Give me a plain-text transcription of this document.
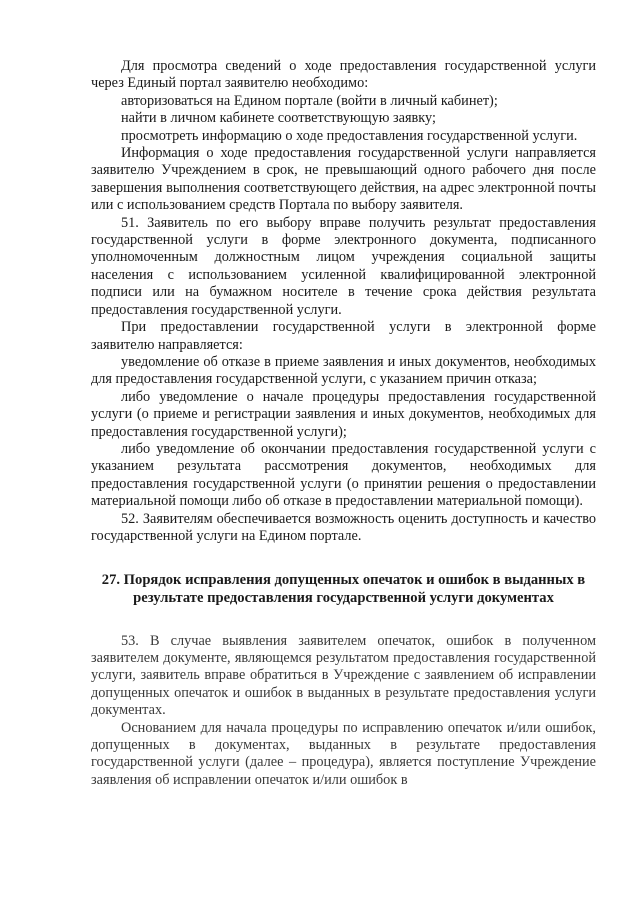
Для просмотра сведений о ходе предоставления государственной услуги через Единый портал заявителю необходимо:

авторизоваться на Едином портале (войти в личный кабинет);

найти в личном кабинете соответствующую заявку;

просмотреть информацию о ходе предоставления государственной услуги.

Информация о ходе предоставления государственной услуги направляется заявителю Учреждением в срок, не превышающий одного рабочего дня после завершения выполнения соответствующего действия, на адрес электронной почты или с использованием средств Портала по выбору заявителя.

51. Заявитель по его выбору вправе получить результат предоставления государственной услуги в форме электронного документа, подписанного уполномоченным должностным лицом учреждения социальной защиты населения с использованием усиленной квалифицированной электронной подписи или на бумажном носителе в течение срока действия результата предоставления государственной услуги.

При предоставлении государственной услуги в электронной форме заявителю направляется:

уведомление об отказе в приеме заявления и иных документов, необходимых для предоставления государственной услуги, с указанием причин отказа;

либо уведомление о начале процедуры предоставления государственной услуги (о приеме и регистрации заявления и иных документов, необходимых для предоставления государственной услуги);

либо уведомление об окончании предоставления государственной услуги с указанием результата рассмотрения документов, необходимых для предоставления государственной услуги (о принятии решения о предоставлении материальной помощи либо об отказе в предоставлении материальной помощи).

52. Заявителям обеспечивается возможность оценить доступность и качество государственной услуги на Едином портале.

27. Порядок исправления допущенных опечаток и ошибок в выданных в результате предоставления государственной услуги документах

53. В случае выявления заявителем опечаток, ошибок в полученном заявителем документе, являющемся результатом предоставления государственной услуги, заявитель вправе обратиться в Учреждение с заявлением об исправлении допущенных опечаток и ошибок в выданных в результате предоставления услуги документах.

Основанием для начала процедуры по исправлению опечаток и/или ошибок, допущенных в документах, выданных в результате предоставления государственной услуги (далее – процедура), является поступление Учреждение заявления об исправлении опечаток и/или ошибок в
